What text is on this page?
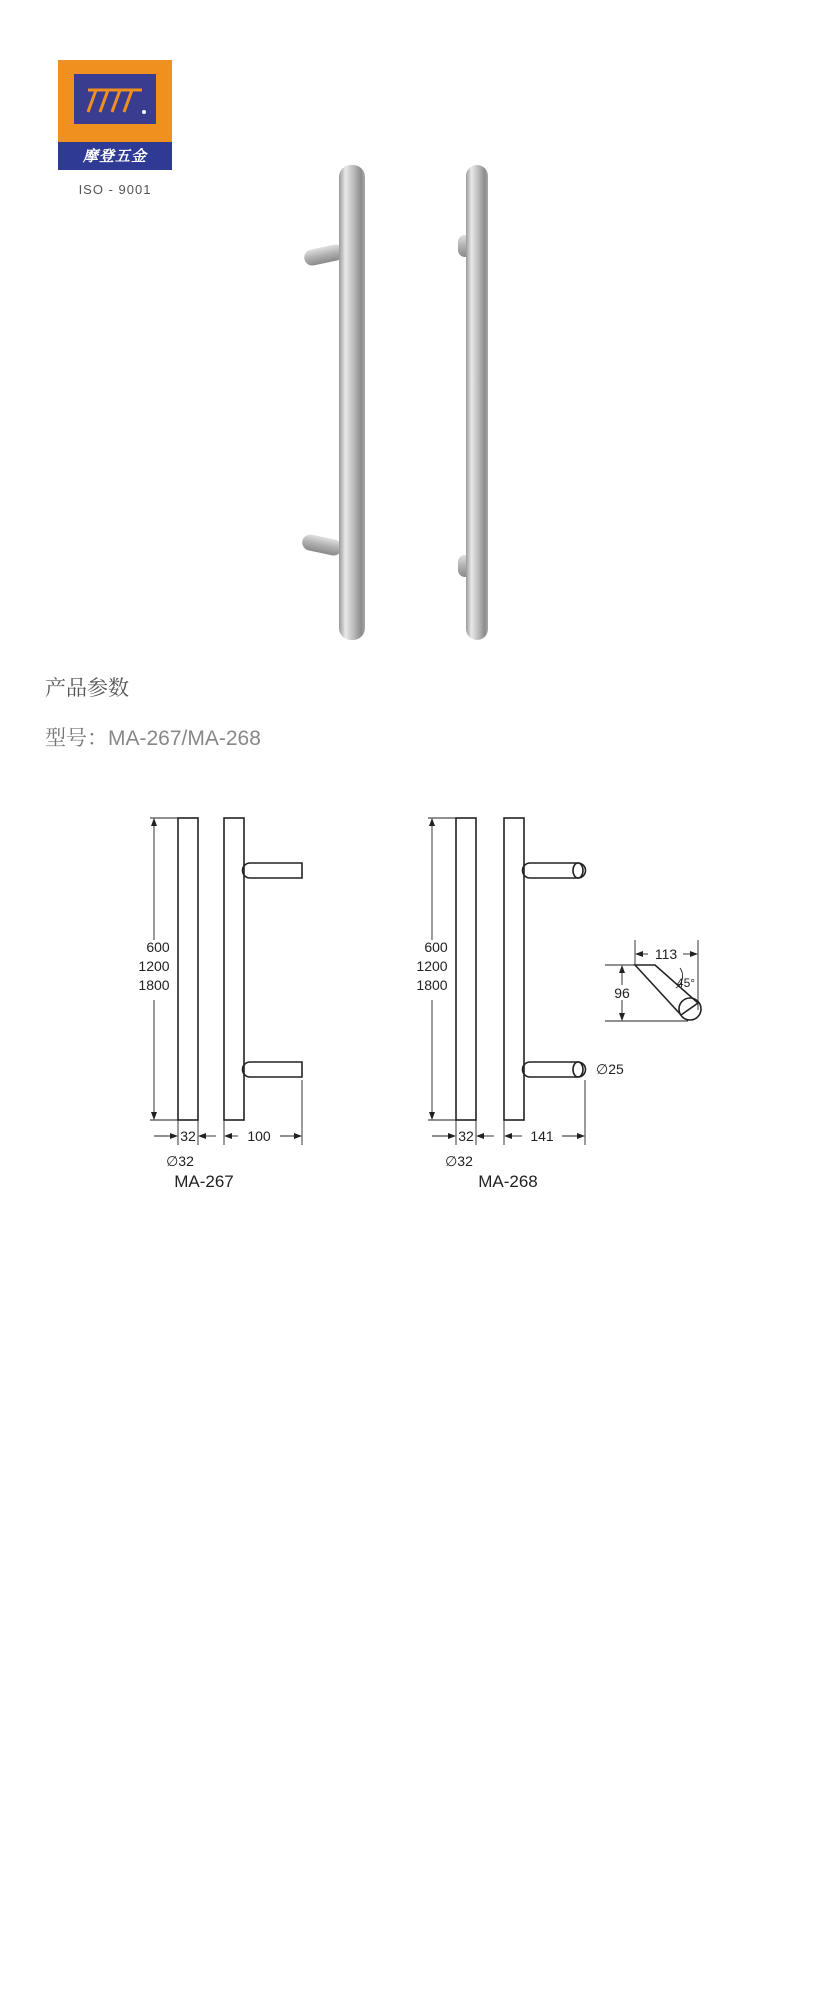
摩登五金
ISO - 9001
产品参数
型号：MA-267/MA-268
600
1200
1800
32	100
∅32
600
1200
1800
32	141
∅32
∅25
113
96
45°
MA-267	MA-268
